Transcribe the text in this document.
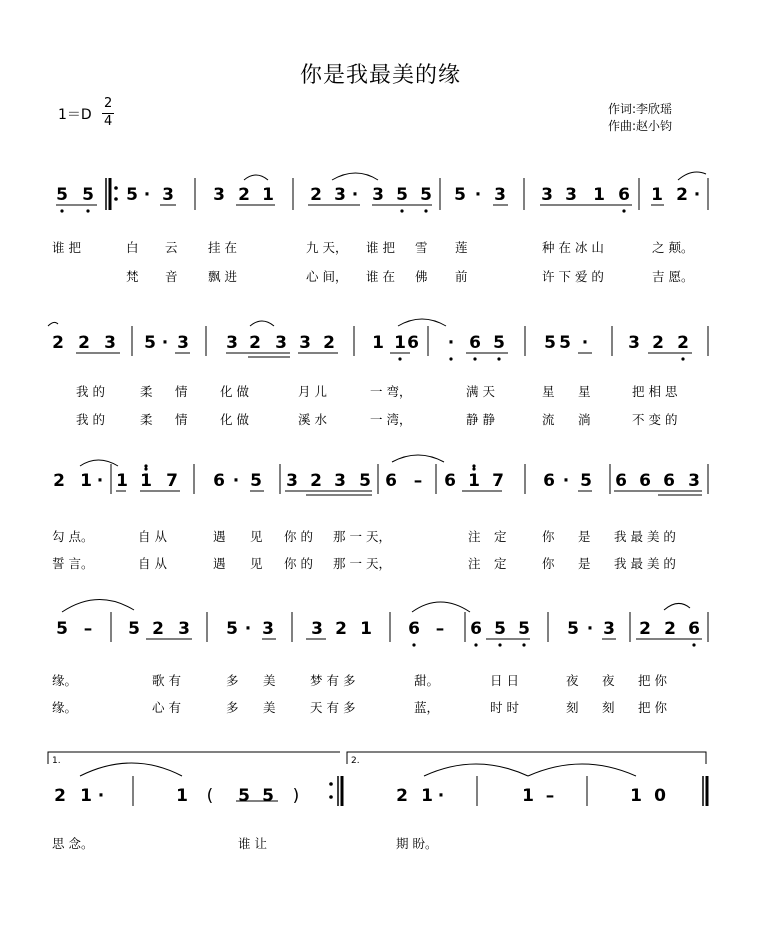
你是我最美的缘
1＝D
2
4
作词:李欣瑶
作曲:赵小钧
5 5 5 · 3 3 2 1 2 3 · 3 5 5 5 · 3 3 3 1 6 1 2 ·
2 2 3 5 · 3 3 2 3 3 2 1 1 6 · 6 5 5 5 · 3 2 2
2 1 · 1 1 7 6 · 5 3 2 3 5 6 – 6 1 7 6 · 5 6 6 6 3
5 – 5 2 3 5 · 3 3 2 1 6 – 6 5 5 5 · 3 2 2 6
2 1 ·	1 ( 5 5 )	2 1 ·	1 –	1 0
1.	2.
谁 把	白 云 挂 在	九 天， 谁 把 雪 莲	种 在 冰 山	之 颠。
梵 音 飘 进	心 间， 谁 在 佛 前	许 下 爱 的	吉 愿。
我 的	柔 情	化 做	月 儿	一 弯，	满 天	星 星	把 相 思
我 的	柔 情	化 做	溪 水	一 湾，	静 静	流 淌	不 变 的
勾 点。	自 从	遇 见 你 的 那 一 天，	注 定	你 是 我 最 美 的
誓 言。	自 从	遇 见 你 的 那 一 天，	注 定	你 是 我 最 美 的
缘。	歌 有	多 美	梦 有 多	甜。	日 日	夜 夜 把 你
缘。	心 有	多 美	天 有 多	蓝，	时 时	刻 刻 把 你
思 念。	谁 让	期 盼。
